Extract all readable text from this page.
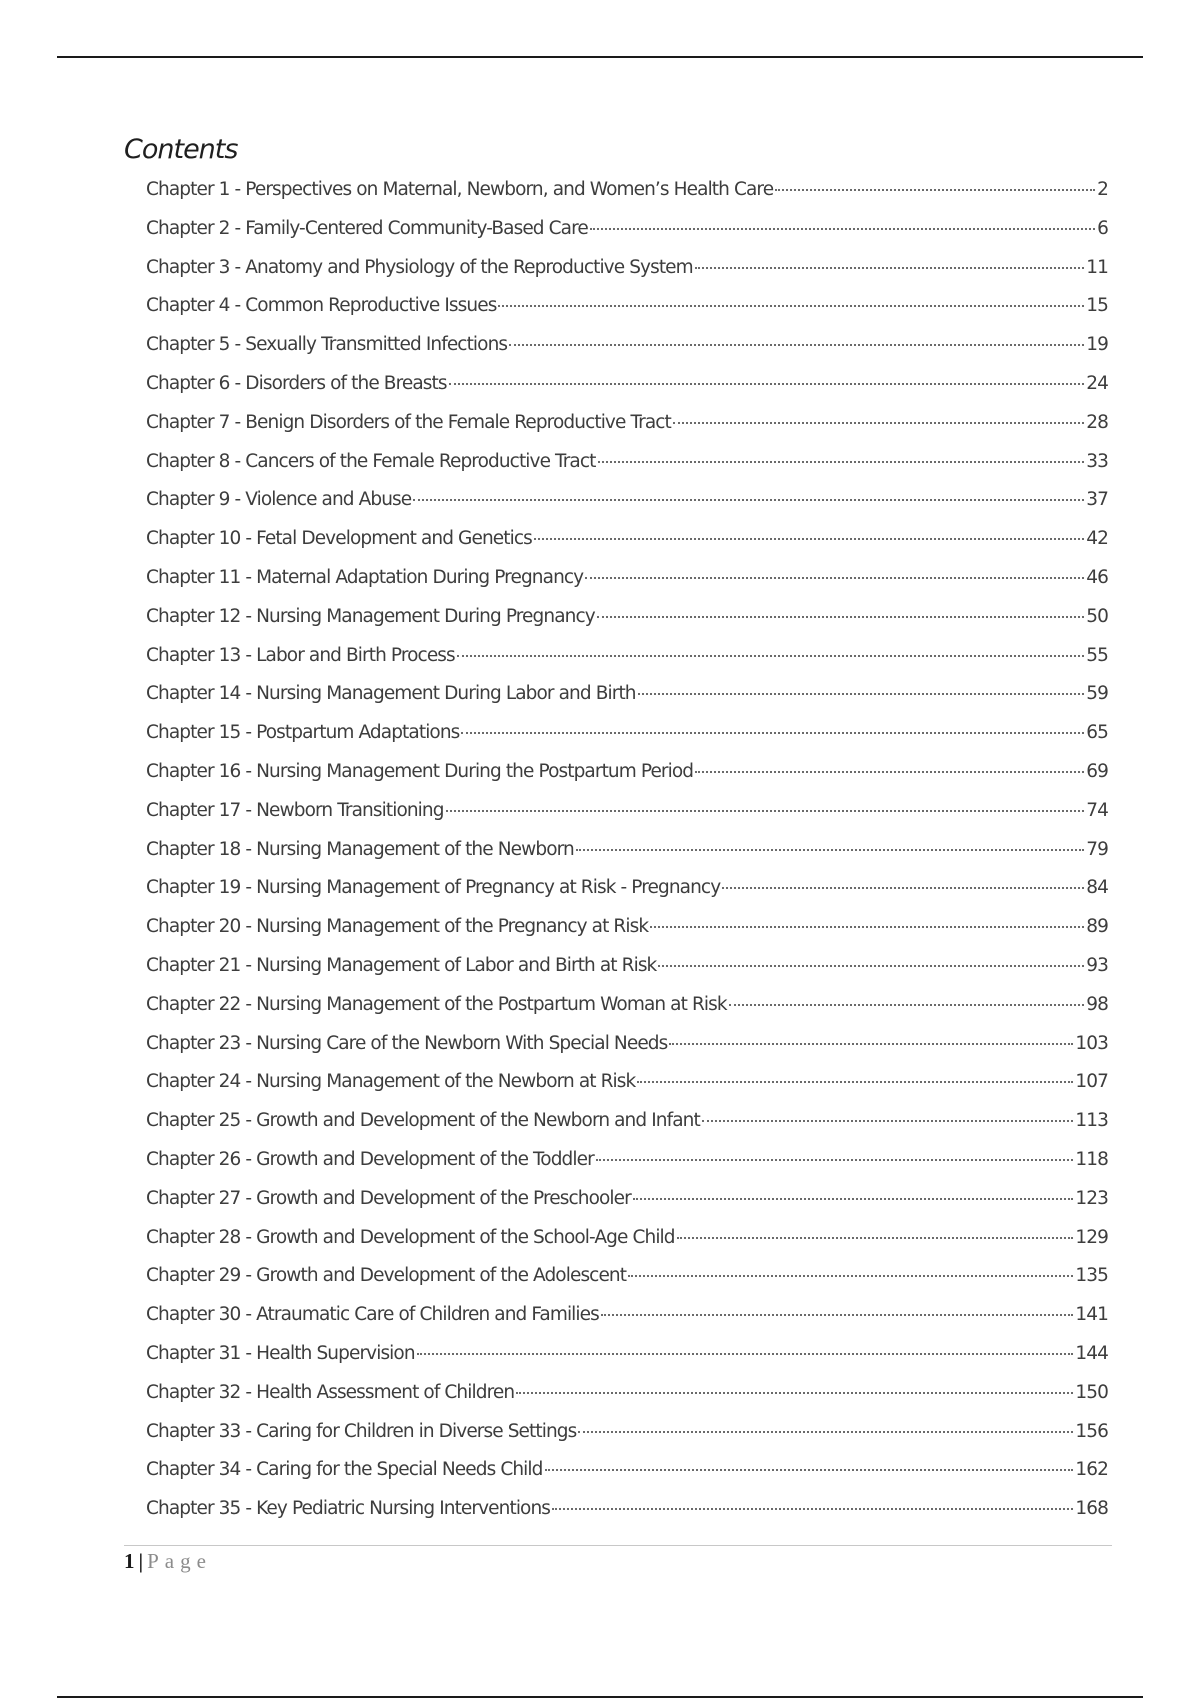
Contents
Chapter 1 - Perspectives on Maternal, Newborn, and Women’s Health Care	2
Chapter 2 - Family-Centered Community-Based Care	6
Chapter 3 - Anatomy and Physiology of the Reproductive System	11
Chapter 4 - Common Reproductive Issues	15
Chapter 5 - Sexually Transmitted Infections	19
Chapter 6 - Disorders of the Breasts	24
Chapter 7 - Benign Disorders of the Female Reproductive Tract	28
Chapter 8 - Cancers of the Female Reproductive Tract	33
Chapter 9 - Violence and Abuse	37
Chapter 10 - Fetal Development and Genetics	42
Chapter 11 - Maternal Adaptation During Pregnancy	46
Chapter 12 - Nursing Management During Pregnancy	50
Chapter 13 - Labor and Birth Process	55
Chapter 14 - Nursing Management During Labor and Birth	59
Chapter 15 - Postpartum Adaptations	65
Chapter 16 - Nursing Management During the Postpartum Period	69
Chapter 17 - Newborn Transitioning	74
Chapter 18 - Nursing Management of the Newborn	79
Chapter 19 - Nursing Management of Pregnancy at Risk - Pregnancy	84
Chapter 20 - Nursing Management of the Pregnancy at Risk	89
Chapter 21 - Nursing Management of Labor and Birth at Risk	93
Chapter 22 - Nursing Management of the Postpartum Woman at Risk	98
Chapter 23 - Nursing Care of the Newborn With Special Needs	103
Chapter 24 - Nursing Management of the Newborn at Risk	107
Chapter 25 - Growth and Development of the Newborn and Infant	113
Chapter 26 - Growth and Development of the Toddler	118
Chapter 27 - Growth and Development of the Preschooler	123
Chapter 28 - Growth and Development of the School-Age Child	129
Chapter 29 - Growth and Development of the Adolescent	135
Chapter 30 - Atraumatic Care of Children and Families	141
Chapter 31 - Health Supervision	144
Chapter 32 - Health Assessment of Children	150
Chapter 33 - Caring for Children in Diverse Settings	156
Chapter 34 - Caring for the Special Needs Child	162
Chapter 35 - Key Pediatric Nursing Interventions	168
1 | Page
